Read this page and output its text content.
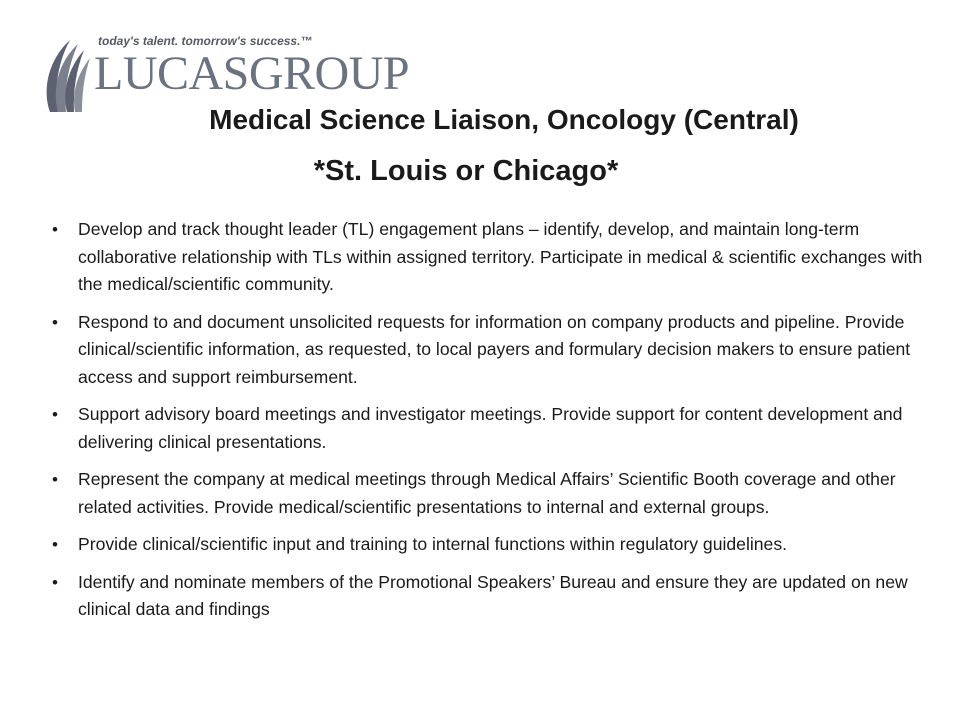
today's talent. tomorrow's success.™
LUCASGROUP
Medical Science Liaison, Oncology (Central)
*St. Louis or Chicago*
• Develop and track thought leader (TL) engagement plans – identify, develop, and maintain long-term collaborative relationship with TLs within assigned territory. Participate in medical & scientific exchanges with the medical/scientific community.
• Respond to and document unsolicited requests for information on company products and pipeline. Provide clinical/scientific information, as requested, to local payers and formulary decision makers to ensure patient access and support reimbursement.
• Support advisory board meetings and investigator meetings. Provide support for content development and delivering clinical presentations.
• Represent the company at medical meetings through Medical Affairs’ Scientific Booth coverage and other related activities. Provide medical/scientific presentations to internal and external groups.
• Provide clinical/scientific input and training to internal functions within regulatory guidelines.
• Identify and nominate members of the Promotional Speakers’ Bureau and ensure they are updated on new clinical data and findings
